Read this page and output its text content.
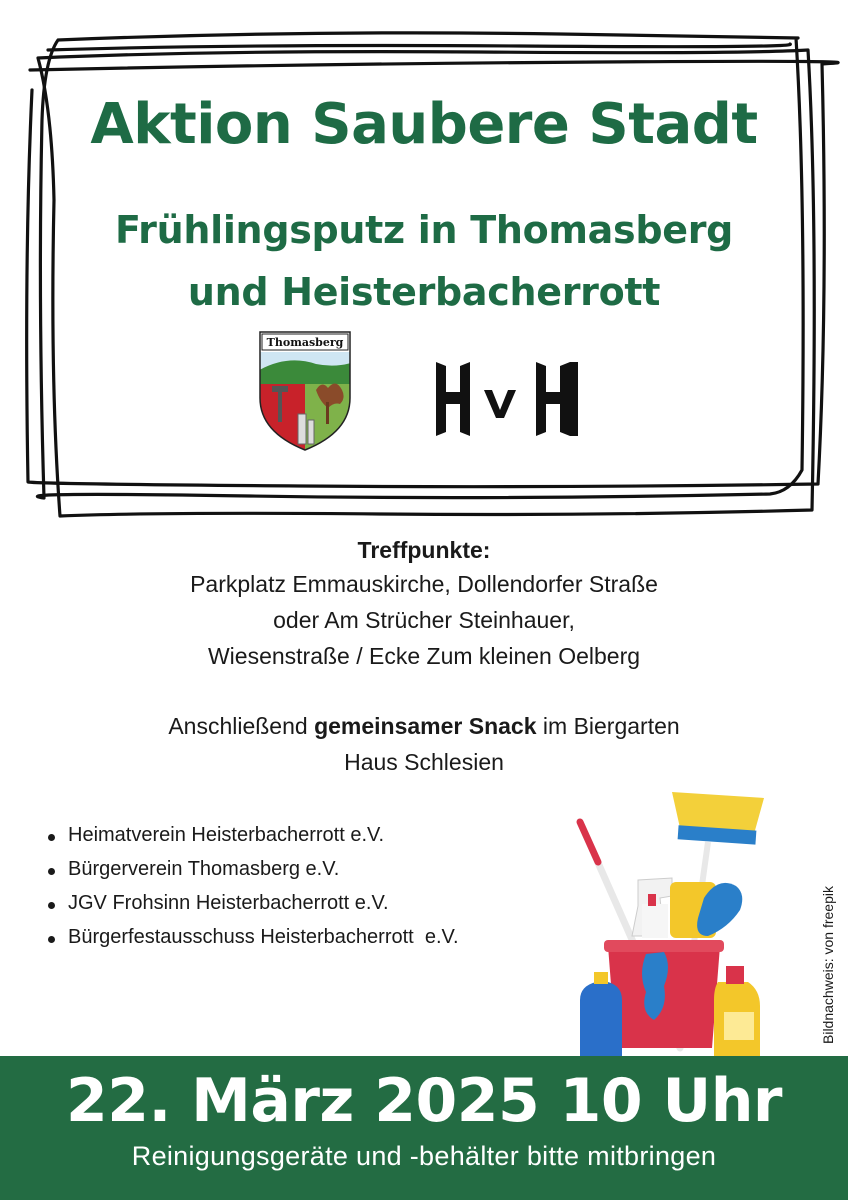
Aktion Saubere Stadt
Frühlingsputz in Thomasberg
und Heisterbacherrott
Thomasberg
Treffpunkte:
Parkplatz Emmauskirche, Dollendorfer Straße
oder Am Strücher Steinhauer,
Wiesenstraße / Ecke Zum kleinen Oelberg
Anschließend gemeinsamer Snack im Biergarten
Haus Schlesien
Heimatverein Heisterbacherrott e.V.
Bürgerverein Thomasberg e.V.
JGV Frohsinn Heisterbacherrott e.V.
Bürgerfestausschuss Heisterbacherrott  e.V.	Bildnachweis: von freepik
22. März 2025 10 Uhr
Reinigungsgeräte und -behälter bitte mitbringen
